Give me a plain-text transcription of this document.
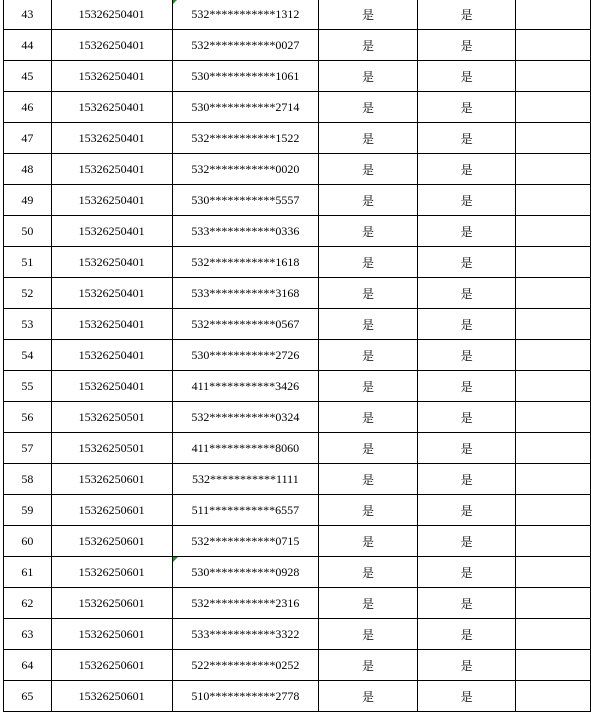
43	15326250401	532***********1312	是	是	
44	15326250401	532***********0027	是	是	
45	15326250401	530***********1061	是	是	
46	15326250401	530***********2714	是	是	
47	15326250401	532***********1522	是	是	
48	15326250401	532***********0020	是	是	
49	15326250401	530***********5557	是	是	
50	15326250401	533***********0336	是	是	
51	15326250401	532***********1618	是	是	
52	15326250401	533***********3168	是	是	
53	15326250401	532***********0567	是	是	
54	15326250401	530***********2726	是	是	
55	15326250401	411***********3426	是	是	
56	15326250501	532***********0324	是	是	
57	15326250501	411***********8060	是	是	
58	15326250601	532***********1111	是	是	
59	15326250601	511***********6557	是	是	
60	15326250601	532***********0715	是	是	
61	15326250601	530***********0928	是	是	
62	15326250601	532***********2316	是	是	
63	15326250601	533***********3322	是	是	
64	15326250601	522***********0252	是	是	
65	15326250601	510***********2778	是	是	
